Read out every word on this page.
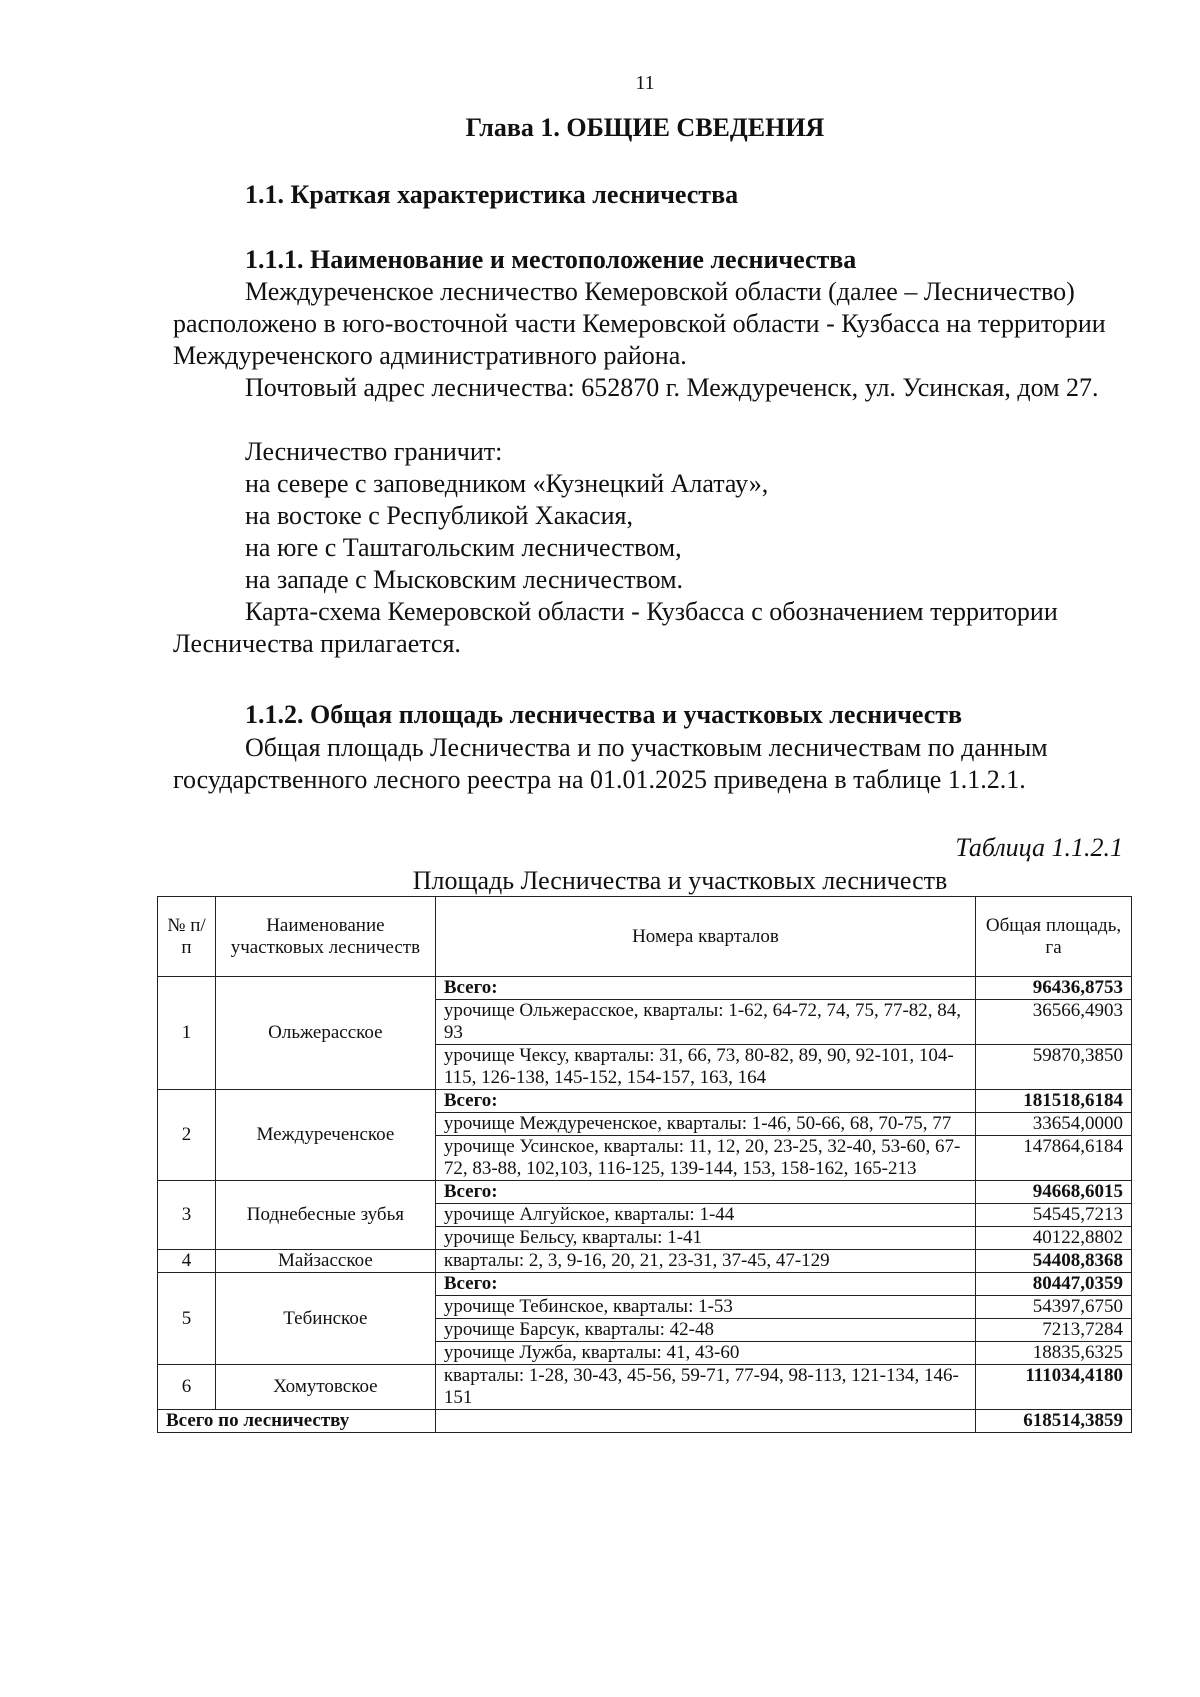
11
Глава 1. ОБЩИЕ СВЕДЕНИЯ
1.1. Краткая характеристика лесничества
1.1.1. Наименование и местоположение лесничества
Междуреченское лесничество Кемеровской области (далее – Лесничество) расположено в юго-восточной части Кемеровской области - Кузбасса на территории Междуреченского административного района.
Почтовый адрес лесничества: 652870 г. Междуреченск, ул. Усинская, дом 27.
Лесничество граничит:
на севере с заповедником «Кузнецкий Алатау»,
на востоке с Республикой Хакасия,
на юге с Таштагольским лесничеством,
на западе с Мысковским лесничеством.
Карта-схема Кемеровской области - Кузбасса с обозначением территории Лесничества прилагается.
1.1.2. Общая площадь лесничества и участковых лесничеств
Общая площадь Лесничества и по участковым лесничествам по данным государственного лесного реестра на 01.01.2025 приведена в таблице 1.1.2.1.
Таблица 1.1.2.1
Площадь Лесничества и участковых лесничеств
№ п/п	Наименование участковых лесничеств	Номера кварталов	Общая площадь, га
1	Ольжерасское	Всего:	96436,8753
		урочище Ольжерасское, кварталы: 1-62, 64-72, 74, 75, 77-82, 84, 93	36566,4903
		урочище Чексу, кварталы: 31, 66, 73, 80-82, 89, 90, 92-101, 104-115, 126-138, 145-152, 154-157, 163, 164	59870,3850
2	Междуреченское	Всего:	181518,6184
		урочище Междуреченское, кварталы: 1-46, 50-66, 68, 70-75, 77	33654,0000
		урочище Усинское, кварталы: 11, 12, 20, 23-25, 32-40, 53-60, 67-72, 83-88, 102,103, 116-125, 139-144, 153, 158-162, 165-213	147864,6184
3	Поднебесные зубья	Всего:	94668,6015
		урочище Алгуйское, кварталы: 1-44	54545,7213
		урочище Бельсу, кварталы: 1-41	40122,8802
4	Майзасское	кварталы: 2, 3, 9-16, 20, 21, 23-31, 37-45, 47-129	54408,8368
5	Тебинское	Всего:	80447,0359
		урочище Тебинское, кварталы: 1-53	54397,6750
		урочище Барсук, кварталы: 42-48	7213,7284
		урочище Лужба, кварталы: 41, 43-60	18835,6325
6	Хомутовское	кварталы: 1-28, 30-43, 45-56, 59-71, 77-94, 98-113, 121-134, 146-151	111034,4180
Всего по лесничеству			618514,3859
